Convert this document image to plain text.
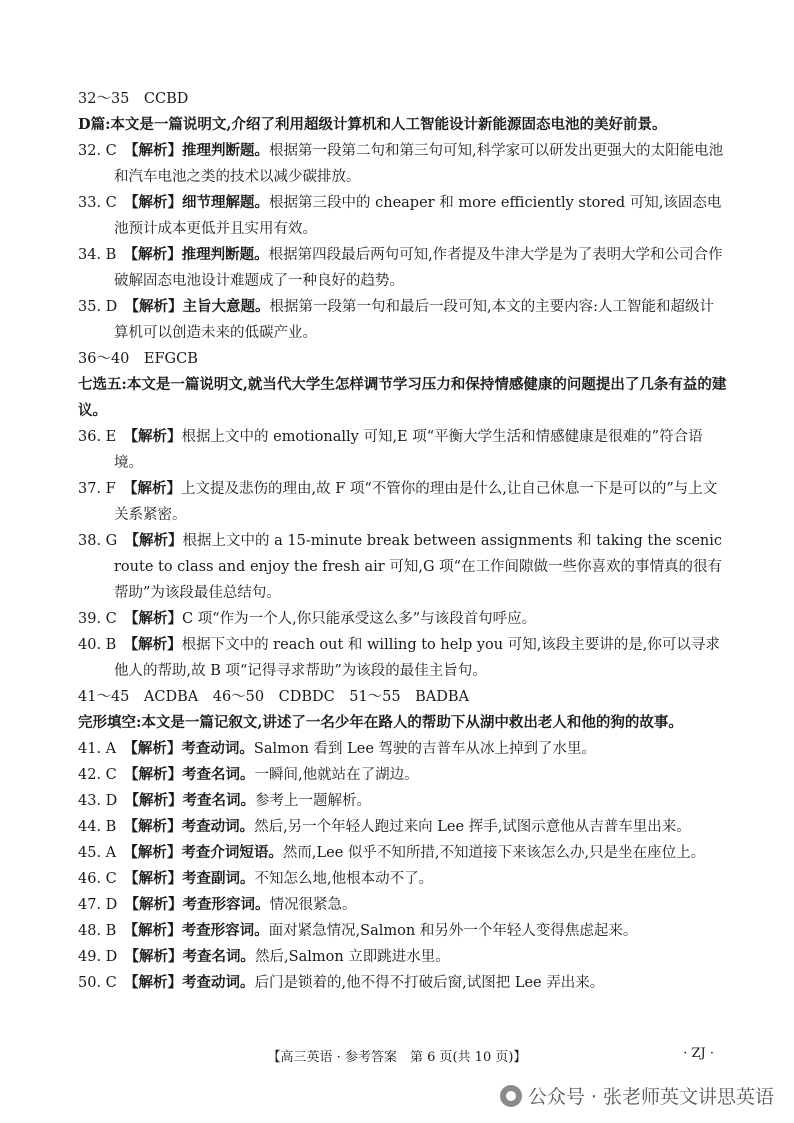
32～35　CCBD
D篇:本文是一篇说明文,介绍了利用超级计算机和人工智能设计新能源固态电池的美好前景。
32. C　 【解析】推理判断题。根据第一段第二句和第三句可知,科学家可以研发出更强大的太阳能电池和汽车电池之类的技术以减少碳排放。
33. C　 【解析】细节理解题。根据第三段中的 cheaper 和 more efficiently stored 可知,该固态电池预计成本更低并且实用有效。
34. B　 【解析】推理判断题。根据第四段最后两句可知,作者提及牛津大学是为了表明大学和公司合作破解固态电池设计难题成了一种良好的趋势。
35. D　 【解析】主旨大意题。根据第一段第一句和最后一段可知,本文的主要内容:人工智能和超级计算机可以创造未来的低碳产业。
36～40　EFGCB
七选五:本文是一篇说明文,就当代大学生怎样调节学习压力和保持情感健康的问题提出了几条有益的建议。
36. E　 【解析】根据上文中的 emotionally 可知,E 项“平衡大学生活和情感健康是很难的”符合语境。
37. F　 【解析】上文提及悲伤的理由,故 F 项“不管你的理由是什么,让自己休息一下是可以的”与上文关系紧密。
38. G　 【解析】根据上文中的 a 15-minute break between assignments 和 taking the scenic route to class and enjoy the fresh air 可知,G 项“在工作间隙做一些你喜欢的事情真的很有帮助”为该段最佳总结句。
39. C　 【解析】C 项“作为一个人,你只能承受这么多”与该段首句呼应。
40. B　 【解析】根据下文中的 reach out 和 willing to help you 可知,该段主要讲的是,你可以寻求他人的帮助,故 B 项“记得寻求帮助”为该段的最佳主旨句。
41～45　ACDBA　46～50　CDBDC　51～55　BADBA
完形填空:本文是一篇记叙文,讲述了一名少年在路人的帮助下从湖中救出老人和他的狗的故事。
41. A　 【解析】考查动词。Salmon 看到 Lee 驾驶的吉普车从冰上掉到了水里。
42. C　 【解析】考查名词。一瞬间,他就站在了湖边。
43. D　 【解析】考查名词。参考上一题解析。
44. B　 【解析】考查动词。然后,另一个年轻人跑过来向 Lee 挥手,试图示意他从吉普车里出来。
45. A　 【解析】考查介词短语。然而,Lee 似乎不知所措,不知道接下来该怎么办,只是坐在座位上。
46. C　 【解析】考查副词。不知怎么地,他根本动不了。
47. D　 【解析】考查形容词。情况很紧急。
48. B　 【解析】考查形容词。面对紧急情况,Salmon 和另外一个年轻人变得焦虑起来。
49. D　 【解析】考查名词。然后,Salmon 立即跳进水里。
50. C　 【解析】考查动词。后门是锁着的,他不得不打破后窗,试图把 Lee 弄出来。
【高三英语 · 参考答案　第 6 页(共 10 页)】	· ZJ ·
公众号 · 张老师英文讲思英语
